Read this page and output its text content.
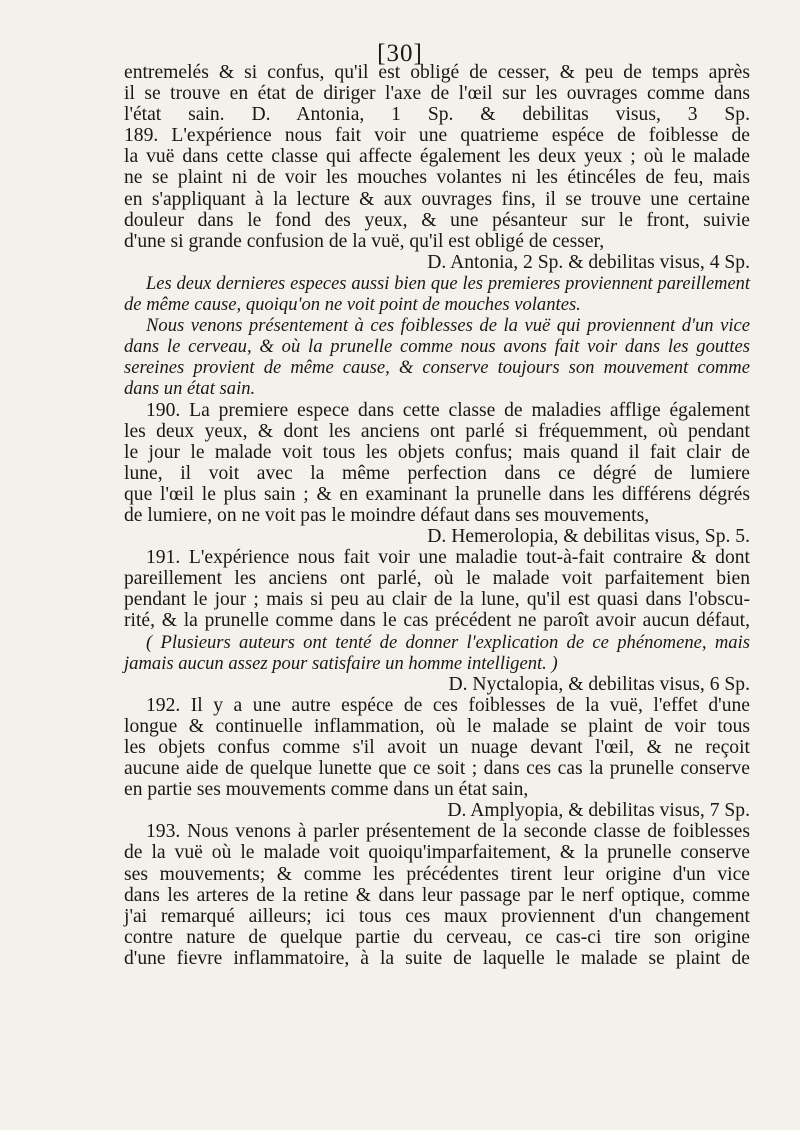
[30]
entremelés & si confus, qu'il est obligé de cesser, & peu de temps après
il se trouve en état de diriger l'axe de l'œil sur les ouvrages comme dans
l'état sain. D. Antonia, 1 Sp. & debilitas visus, 3 Sp.
189. L'expérience nous fait voir une quatrieme espéce de foiblesse de
la vuë dans cette classe qui affecte également les deux yeux ; où le malade
ne se plaint ni de voir les mouches volantes ni les étincéles de feu, mais
en s'appliquant à la lecture & aux ouvrages fins, il se trouve une certaine
douleur dans le fond des yeux, & une pésanteur sur le front, suivie
d'une si grande confusion de la vuë, qu'il est obligé de cesser,
D. Antonia, 2 Sp. & debilitas visus, 4 Sp.
Les deux dernieres especes aussi bien que les premieres proviennent pareillement
de même cause, quoiqu'on ne voit point de mouches volantes.
Nous venons présentement à ces foiblesses de la vuë qui proviennent d'un vice
dans le cerveau, & où la prunelle comme nous avons fait voir dans les gouttes
sereines provient de même cause, & conserve toujours son mouvement comme
dans un état sain.
190. La premiere espece dans cette classe de maladies afflige également
les deux yeux, & dont les anciens ont parlé si fréquemment, où pendant
le jour le malade voit tous les objets confus; mais quand il fait clair de
lune, il voit avec la même perfection dans ce dégré de lumiere
que l'œil le plus sain ; & en examinant la prunelle dans les différens dégrés
de lumiere, on ne voit pas le moindre défaut dans ses mouvements,
D. Hemerolopia, & debilitas visus, Sp. 5.
191. L'expérience nous fait voir une maladie tout-à-fait contraire & dont
pareillement les anciens ont parlé, où le malade voit parfaitement bien
pendant le jour ; mais si peu au clair de la lune, qu'il est quasi dans l'obscu-
rité, & la prunelle comme dans le cas précédent ne paroît avoir aucun défaut,
( Plusieurs auteurs ont tenté de donner l'explication de ce phénomene, mais
jamais aucun assez pour satisfaire un homme intelligent. )
D. Nyctalopia, & debilitas visus, 6 Sp.
192. Il y a une autre espéce de ces foiblesses de la vuë, l'effet d'une
longue & continuelle inflammation, où le malade se plaint de voir tous
les objets confus comme s'il avoit un nuage devant l'œil, & ne reçoit
aucune aide de quelque lunette que ce soit ; dans ces cas la prunelle conserve
en partie ses mouvements comme dans un état sain,
D. Amplyopia, & debilitas visus, 7 Sp.
193. Nous venons à parler présentement de la seconde classe de foiblesses
de la vuë où le malade voit quoiqu'imparfaitement, & la prunelle conserve
ses mouvements; & comme les précédentes tirent leur origine d'un vice
dans les arteres de la retine & dans leur passage par le nerf optique, comme
j'ai remarqué ailleurs; ici tous ces maux proviennent d'un changement
contre nature de quelque partie du cerveau, ce cas-ci tire son origine
d'une fievre inflammatoire, à la suite de laquelle le malade se plaint de
